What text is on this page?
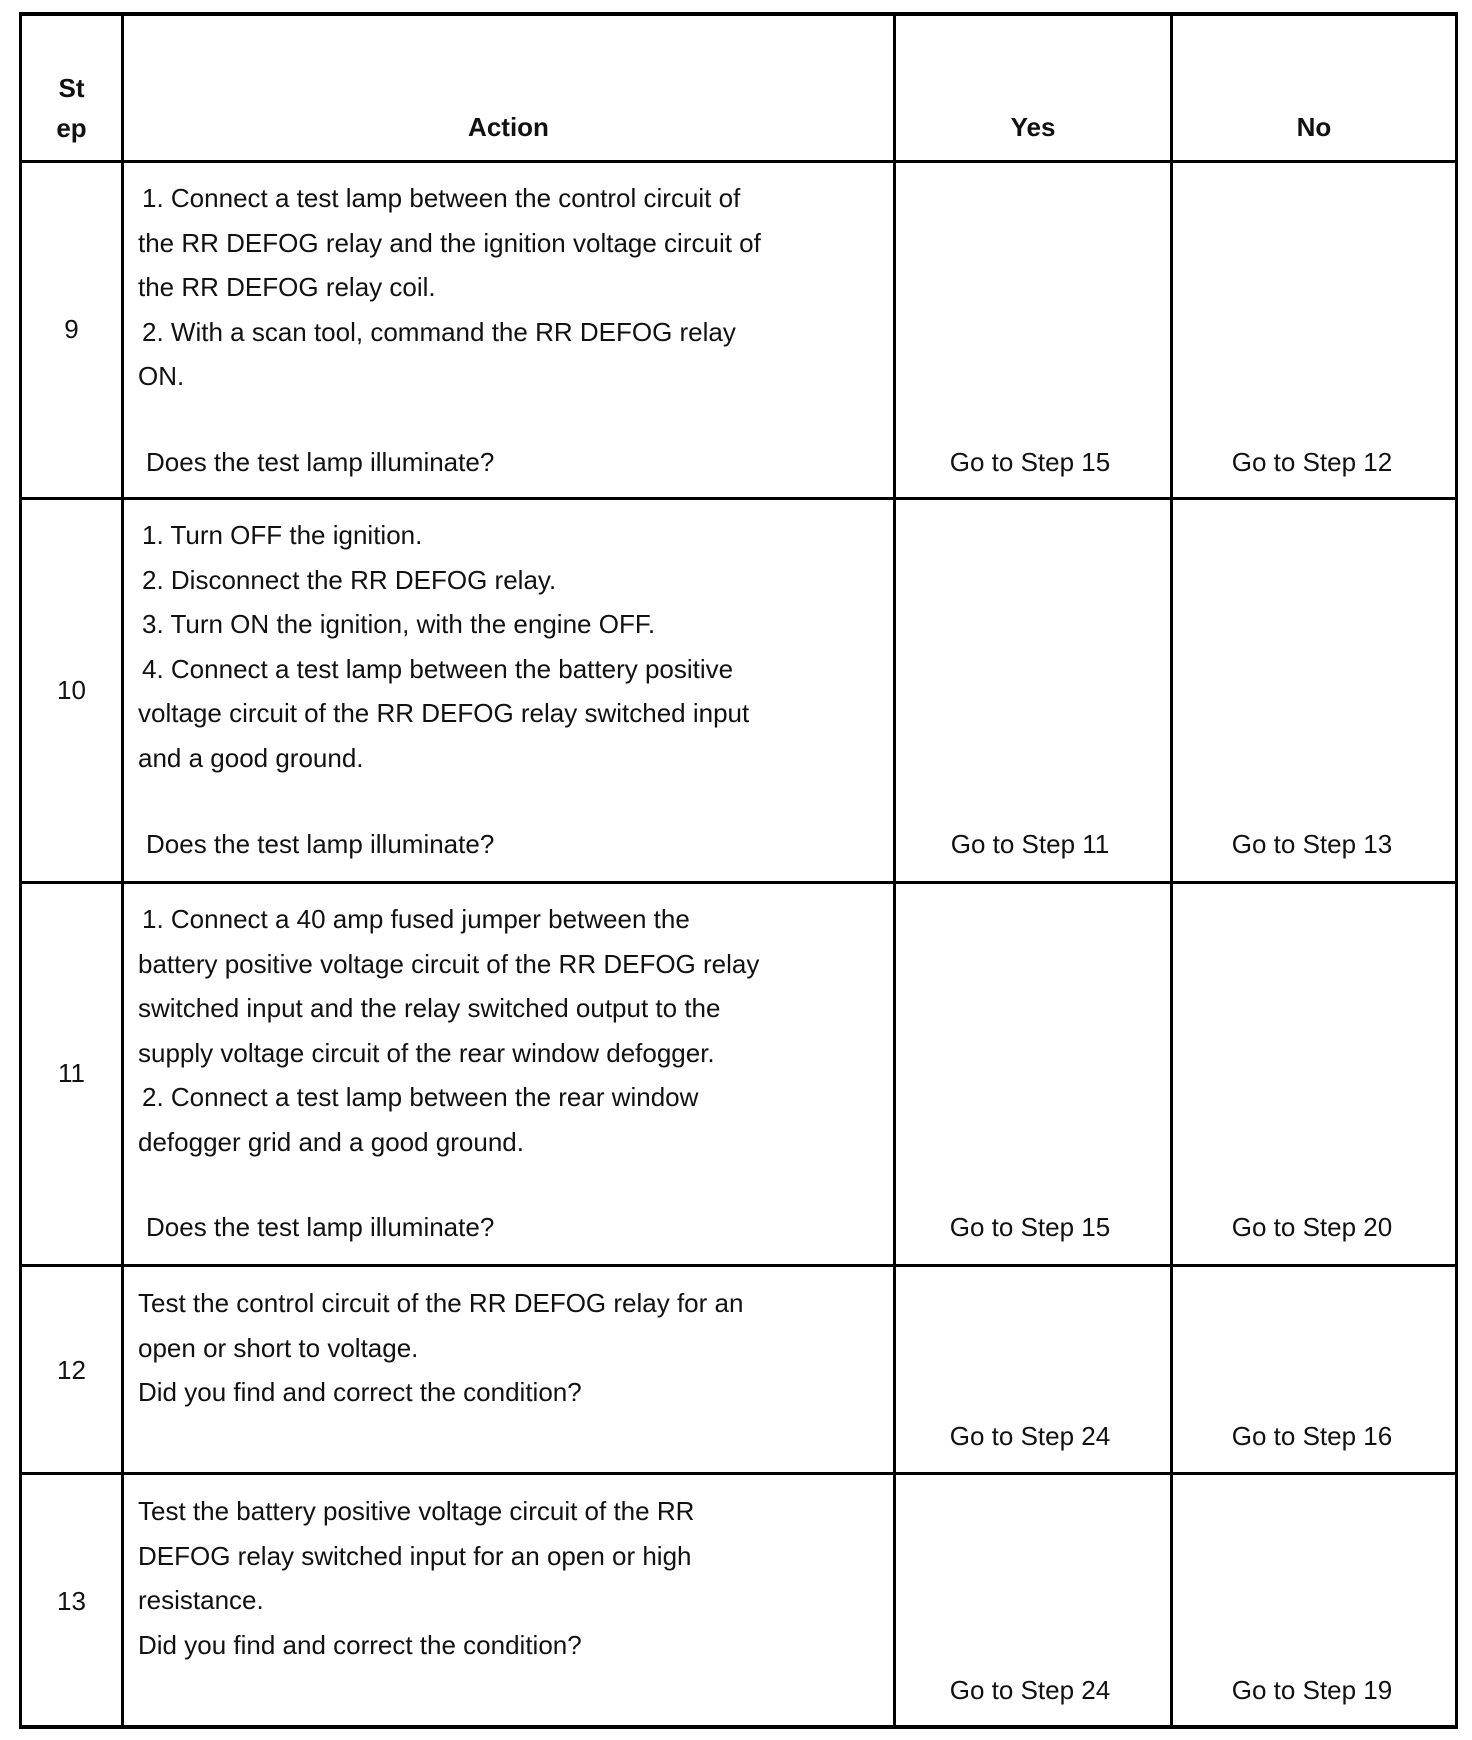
St
ep	Action	Yes	No
9
1. Connect a test lamp between the control circuit of
the RR DEFOG relay and the ignition voltage circuit of
the RR DEFOG relay coil.
2. With a scan tool, command the RR DEFOG relay
ON.
Does the test lamp illuminate?	Go to Step 15	Go to Step 12
10
1. Turn OFF the ignition.
2. Disconnect the RR DEFOG relay.
3. Turn ON the ignition, with the engine OFF.
4. Connect a test lamp between the battery positive
voltage circuit of the RR DEFOG relay switched input
and a good ground.
Does the test lamp illuminate?	Go to Step 11	Go to Step 13
11
1. Connect a 40 amp fused jumper between the
battery positive voltage circuit of the RR DEFOG relay
switched input and the relay switched output to the
supply voltage circuit of the rear window defogger.
2. Connect a test lamp between the rear window
defogger grid and a good ground.
Does the test lamp illuminate?	Go to Step 15	Go to Step 20
12
Test the control circuit of the RR DEFOG relay for an
open or short to voltage.
Did you find and correct the condition?
Go to Step 24	Go to Step 16
13
Test the battery positive voltage circuit of the RR
DEFOG relay switched input for an open or high
resistance.
Did you find and correct the condition?
Go to Step 24	Go to Step 19
